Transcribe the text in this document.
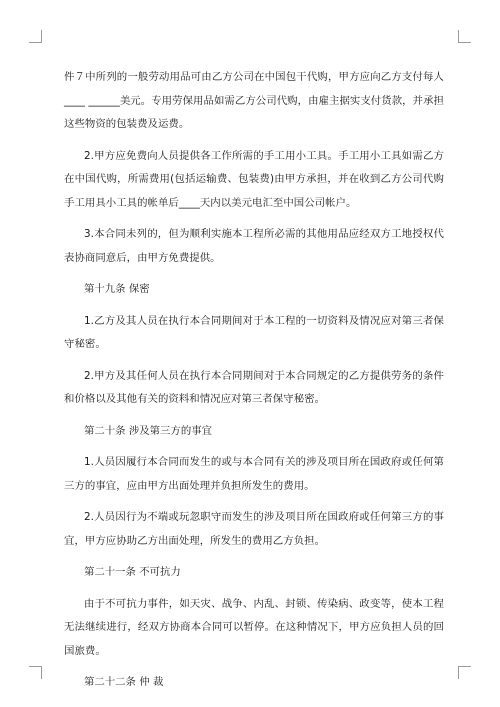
件７中所列的一般劳动用品可由乙方公司在中国包干代购，甲方应向乙方支付每人____ ______美元。专用劳保用品如需乙方公司代购，由雇主据实支付货款，并承担这些物资的包装费及运费。

2.甲方应免费向人员提供各工作所需的手工用小工具。手工用小工具如需乙方在中国代购，所需费用(包括运输费、包装费)由甲方承担，并在收到乙方公司代购手工用具小工具的帐单后____天内以美元电汇至中国公司帐户。

3.本合同未列的，但为顺利实施本工程所必需的其他用品应经双方工地授权代表协商同意后，由甲方免费提供。

第十九条 保密

1.乙方及其人员在执行本合同期间对于本工程的一切资料及情况应对第三者保守秘密。

2.甲方及其任何人员在执行本合同期间对于本合同规定的乙方提供劳务的条件和价格以及其他有关的资料和情况应对第三者保守秘密。

第二十条 涉及第三方的事宜

1.人员因履行本合同而发生的或与本合同有关的涉及项目所在国政府或任何第三方的事宜，应由甲方出面处理并负担所发生的费用。

2.人员因行为不端或玩忽职守而发生的涉及项目所在国政府或任何第三方的事宜，甲方应协助乙方出面处理，所发生的费用乙方负担。

第二十一条 不可抗力

由于不可抗力事件，如天灾、战争、内乱、封锁、传染病、政变等，使本工程无法继续进行，经双方协商本合同可以暂停。在这种情况下，甲方应负担人员的回国旅费。

第二十二条 仲 裁
